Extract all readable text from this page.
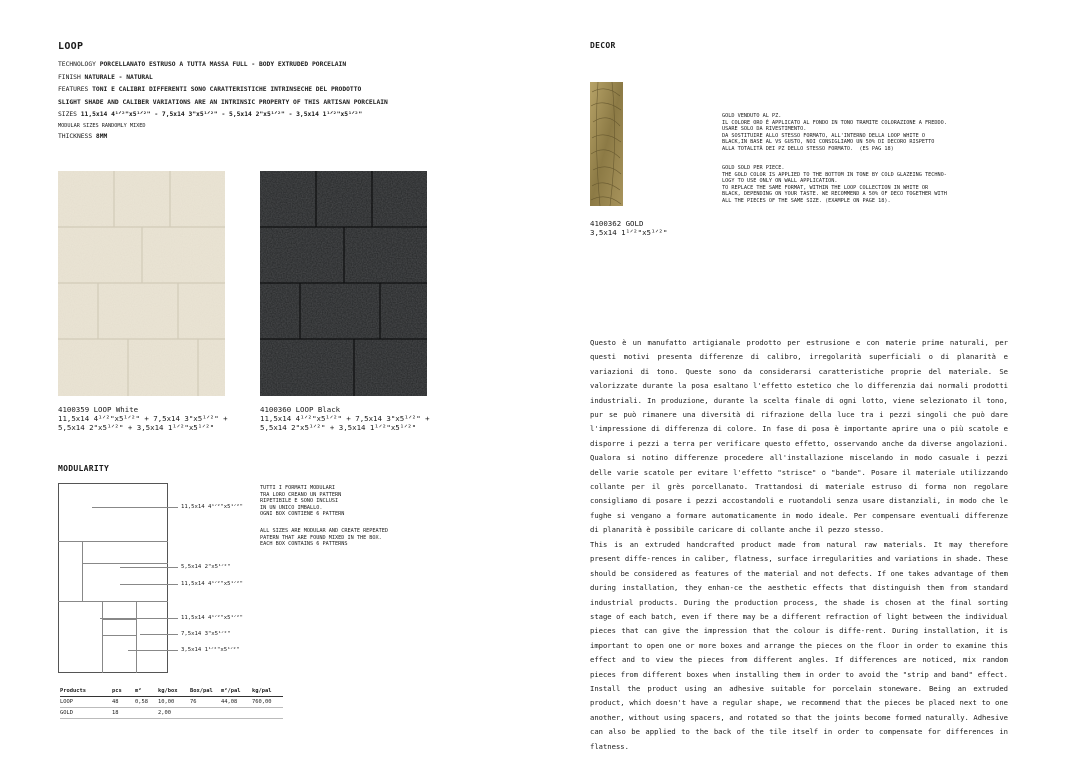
LOOP
TECHNOLOGY PORCELLANATO ESTRUSO A TUTTA MASSA FULL - BODY EXTRUDED PORCELAIN
FINISH NATURALE - NATURAL
FEATURES TONI E CALIBRI DIFFERENTI SONO CARATTERISTICHE INTRINSECHE DEL PRODOTTO
SLIGHT SHADE AND CALIBER VARIATIONS ARE AN INTRINSIC PROPERTY OF THIS ARTISAN PORCELAIN
SIZES 11,5x14 4¹ᐟ²"x5¹ᐟ²" - 7,5x14 3"x5¹ᐟ²" - 5,5x14 2"x5¹ᐟ²" - 3,5x14 1¹ᐟ²"x5¹ᐟ²"
MODULAR SIZES RANDOMLY MIXED
THICKNESS 8MM
4100359 LOOP White
11,5x14 4¹ᐟ²"x5¹ᐟ²" + 7,5x14 3"x5¹ᐟ²" +
5,5x14 2"x5¹ᐟ²" + 3,5x14 1¹ᐟ²"x5¹ᐟ²"
4100360 LOOP Black
11,5x14 4¹ᐟ²"x5¹ᐟ²" + 7,5x14 3"x5¹ᐟ²" +
5,5x14 2"x5¹ᐟ²" + 3,5x14 1¹ᐟ²"x5¹ᐟ²"
MODULARITY
11,5x14 4¹ᐟ²"x5¹ᐟ²"
5,5x14 2"x5¹ᐟ²"
11,5x14 4¹ᐟ²"x5¹ᐟ²"
11,5x14 4¹ᐟ²"x5¹ᐟ²"
7,5x14 3"x5¹ᐟ²"
3,5x14 1¹ᐟ²"x5¹ᐟ²"
TUTTI I FORMATI MODULARI
TRA LORO CREANO UN PATTERN
RIPETIBILE E SONO INCLUSI
IN UN UNICO IMBALLO.
OGNI BOX CONTIENE 6 PATTERN
ALL SIZES ARE MODULAR AND CREATE REPEATED
PATERN THAT ARE FOUND MIXED IN THE BOX.
EACH BOX CONTAINS 6 PATTERNS
Products	pcs	m²	kg/box	Box/pal	m²/pal	kg/pal
LOOP	48	0,58	10,00	76	44,08	760,00
GOLD	18		2,00			
DECOR
4100362 GOLD
3,5x14 1¹ᐟ²"x5¹ᐟ²"
GOLD VENDUTO AL PZ.
IL COLORE ORO È APPLICATO AL FONDO IN TONO TRAMITE COLORAZIONE A FREDDO.
USARE SOLO DA RIVESTIMENTO.
DA SOSTITUIRE ALLO STESSO FORMATO, ALL'INTERNO DELLA LOOP WHITE O
BLACK,IN BASE AL VS GUSTO, NOI CONSIGLIAMO UN 50% DI DECORO RISPETTO
ALLA TOTALITÀ DEI PZ DELLO STESSO FORMATO.  (ES PAG 18)
GOLD SOLD PER PIECE.
THE GOLD COLOR IS APPLIED TO THE BOTTOM IN TONE BY COLD GLAZEING TECHNO-
LOGY TO USE ONLY ON WALL APPLICATION.
TO REPLACE THE SAME FORMAT, WITHIN THE LOOP COLLECTION IN WHITE OR
BLACK, DEPENDING ON YOUR TASTE. WE RECOMMEND A 50% OF DECO TOGETHER WITH
ALL THE PIECES OF THE SAME SIZE. (EXAMPLE ON PAGE 18).
Questo è un manufatto artigianale prodotto per estrusione e con materie prime naturali, per questi motivi presenta differenze di calibro, irregolarità superficiali o di planarità e variazioni di tono. Queste sono da considerarsi caratteristiche proprie del materiale. Se valorizzate durante la posa esaltano l'effetto estetico che lo differenzia dai normali prodotti industriali. In produzione, durante la scelta finale di ogni lotto, viene selezionato il tono, pur se può rimanere una diversità di rifrazione della luce tra i pezzi singoli che può dare l'impressione di differenza di colore. In fase di posa è importante aprire una o più scatole e disporre i pezzi a terra per verificare questo effetto, osservando anche da diverse angolazioni. Qualora si notino differenze procedere all'installazione miscelando in modo casuale i pezzi delle varie scatole per evitare l'effetto "strisce" o "bande". Posare il materiale utilizzando collante per il grès porcellanato. Trattandosi di materiale estruso di forma non regolare consigliamo di posare i pezzi accostandoli e ruotandoli senza usare distanziali, in modo che le fughe si vengano a formare automaticamente in modo ideale. Per compensare eventuali differenze di planarità è possibile caricare di collante anche il pezzo stesso.
This is an extruded handcrafted product made from natural raw materials. It may therefore present diffe-rences in caliber, flatness, surface irregularities and variations in shade. These should be considered as features of the material and not defects. If one takes advantage of them during installation, they enhan-ce the aesthetic effects that distinguish them from standard industrial products. During the production process, the shade is chosen at the final sorting stage of each batch, even if there may be a different refraction of light between the individual pieces that can give the impression that the colour is diffe-rent. During installation, it is important to open one or more boxes and arrange the pieces on the floor in order to examine this effect and to view the pieces from different angles. If differences are noticed, mix random pieces from different boxes when installing them in order to avoid the "strip and band" effect. Install the product using an adhesive suitable for porcelain stoneware. Being an extruded product, which doesn't have a regular shape, we recommend that the pieces be placed next to one another, without using spacers, and rotated so that the joints become formed naturally. Adhesive can also be applied to the back of the tile itself in order to compensate for differences in flatness.
